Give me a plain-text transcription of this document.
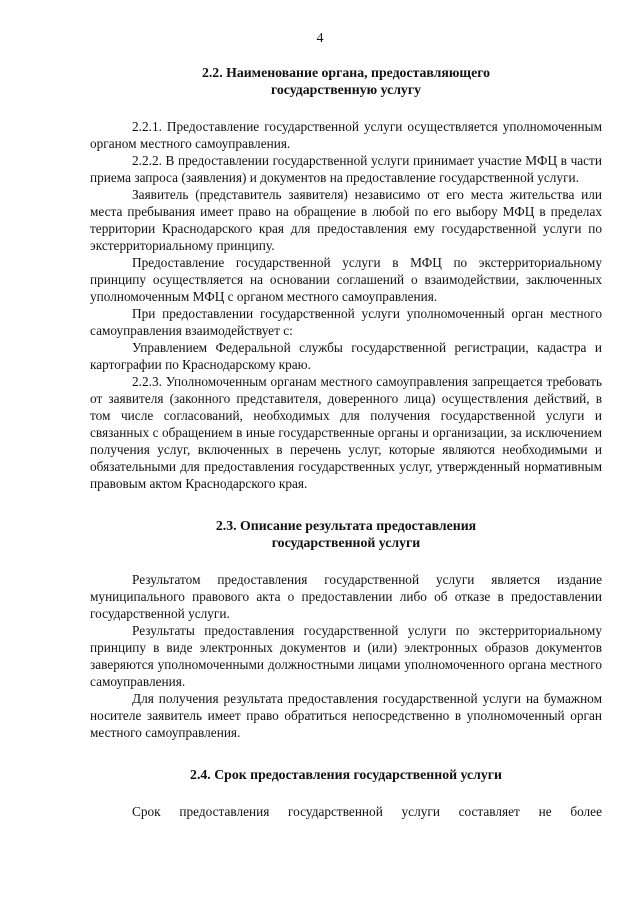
4
2.2. Наименование органа, предоставляющего
государственную услугу

2.2.1. Предоставление государственной услуги осуществляется уполномоченным органом местного самоуправления.

2.2.2. В предоставлении государственной услуги принимает участие МФЦ в части приема запроса (заявления) и документов на предоставление государственной услуги.

Заявитель (представитель заявителя) независимо от его места жительства или места пребывания имеет право на обращение в любой по его выбору МФЦ в пределах территории Краснодарского края для предоставления ему государственной услуги по экстерриториальному принципу.

Предоставление государственной услуги в МФЦ по экстерриториальному принципу осуществляется на основании соглашений о взаимодействии, заключенных уполномоченным МФЦ с органом местного самоуправления.

При предоставлении государственной услуги уполномоченный орган местного самоуправления взаимодействует с:

Управлением Федеральной службы государственной регистрации, кадастра и картографии по Краснодарскому краю.

2.2.3. Уполномоченным органам местного самоуправления запрещается требовать от заявителя (законного представителя, доверенного лица) осуществления действий, в том числе согласований, необходимых для получения государственной услуги и связанных с обращением в иные государственные органы и организации, за исключением получения услуг, включенных в перечень услуг, которые являются необходимыми и обязательными для предоставления государственных услуг, утвержденный нормативным правовым актом Краснодарского края.

2.3. Описание результата предоставления
государственной услуги

Результатом предоставления государственной услуги является издание муниципального правового акта о предоставлении либо об отказе в предоставлении государственной услуги.

Результаты предоставления государственной услуги по экстерриториальному принципу в виде электронных документов и (или) электронных образов документов заверяются уполномоченными должностными лицами уполномоченного органа местного самоуправления.

Для получения результата предоставления государственной услуги на бумажном носителе заявитель имеет право обратиться непосредственно в уполномоченный орган местного самоуправления.

2.4. Срок предоставления государственной услуги

Срок предоставления государственной услуги составляет не более
